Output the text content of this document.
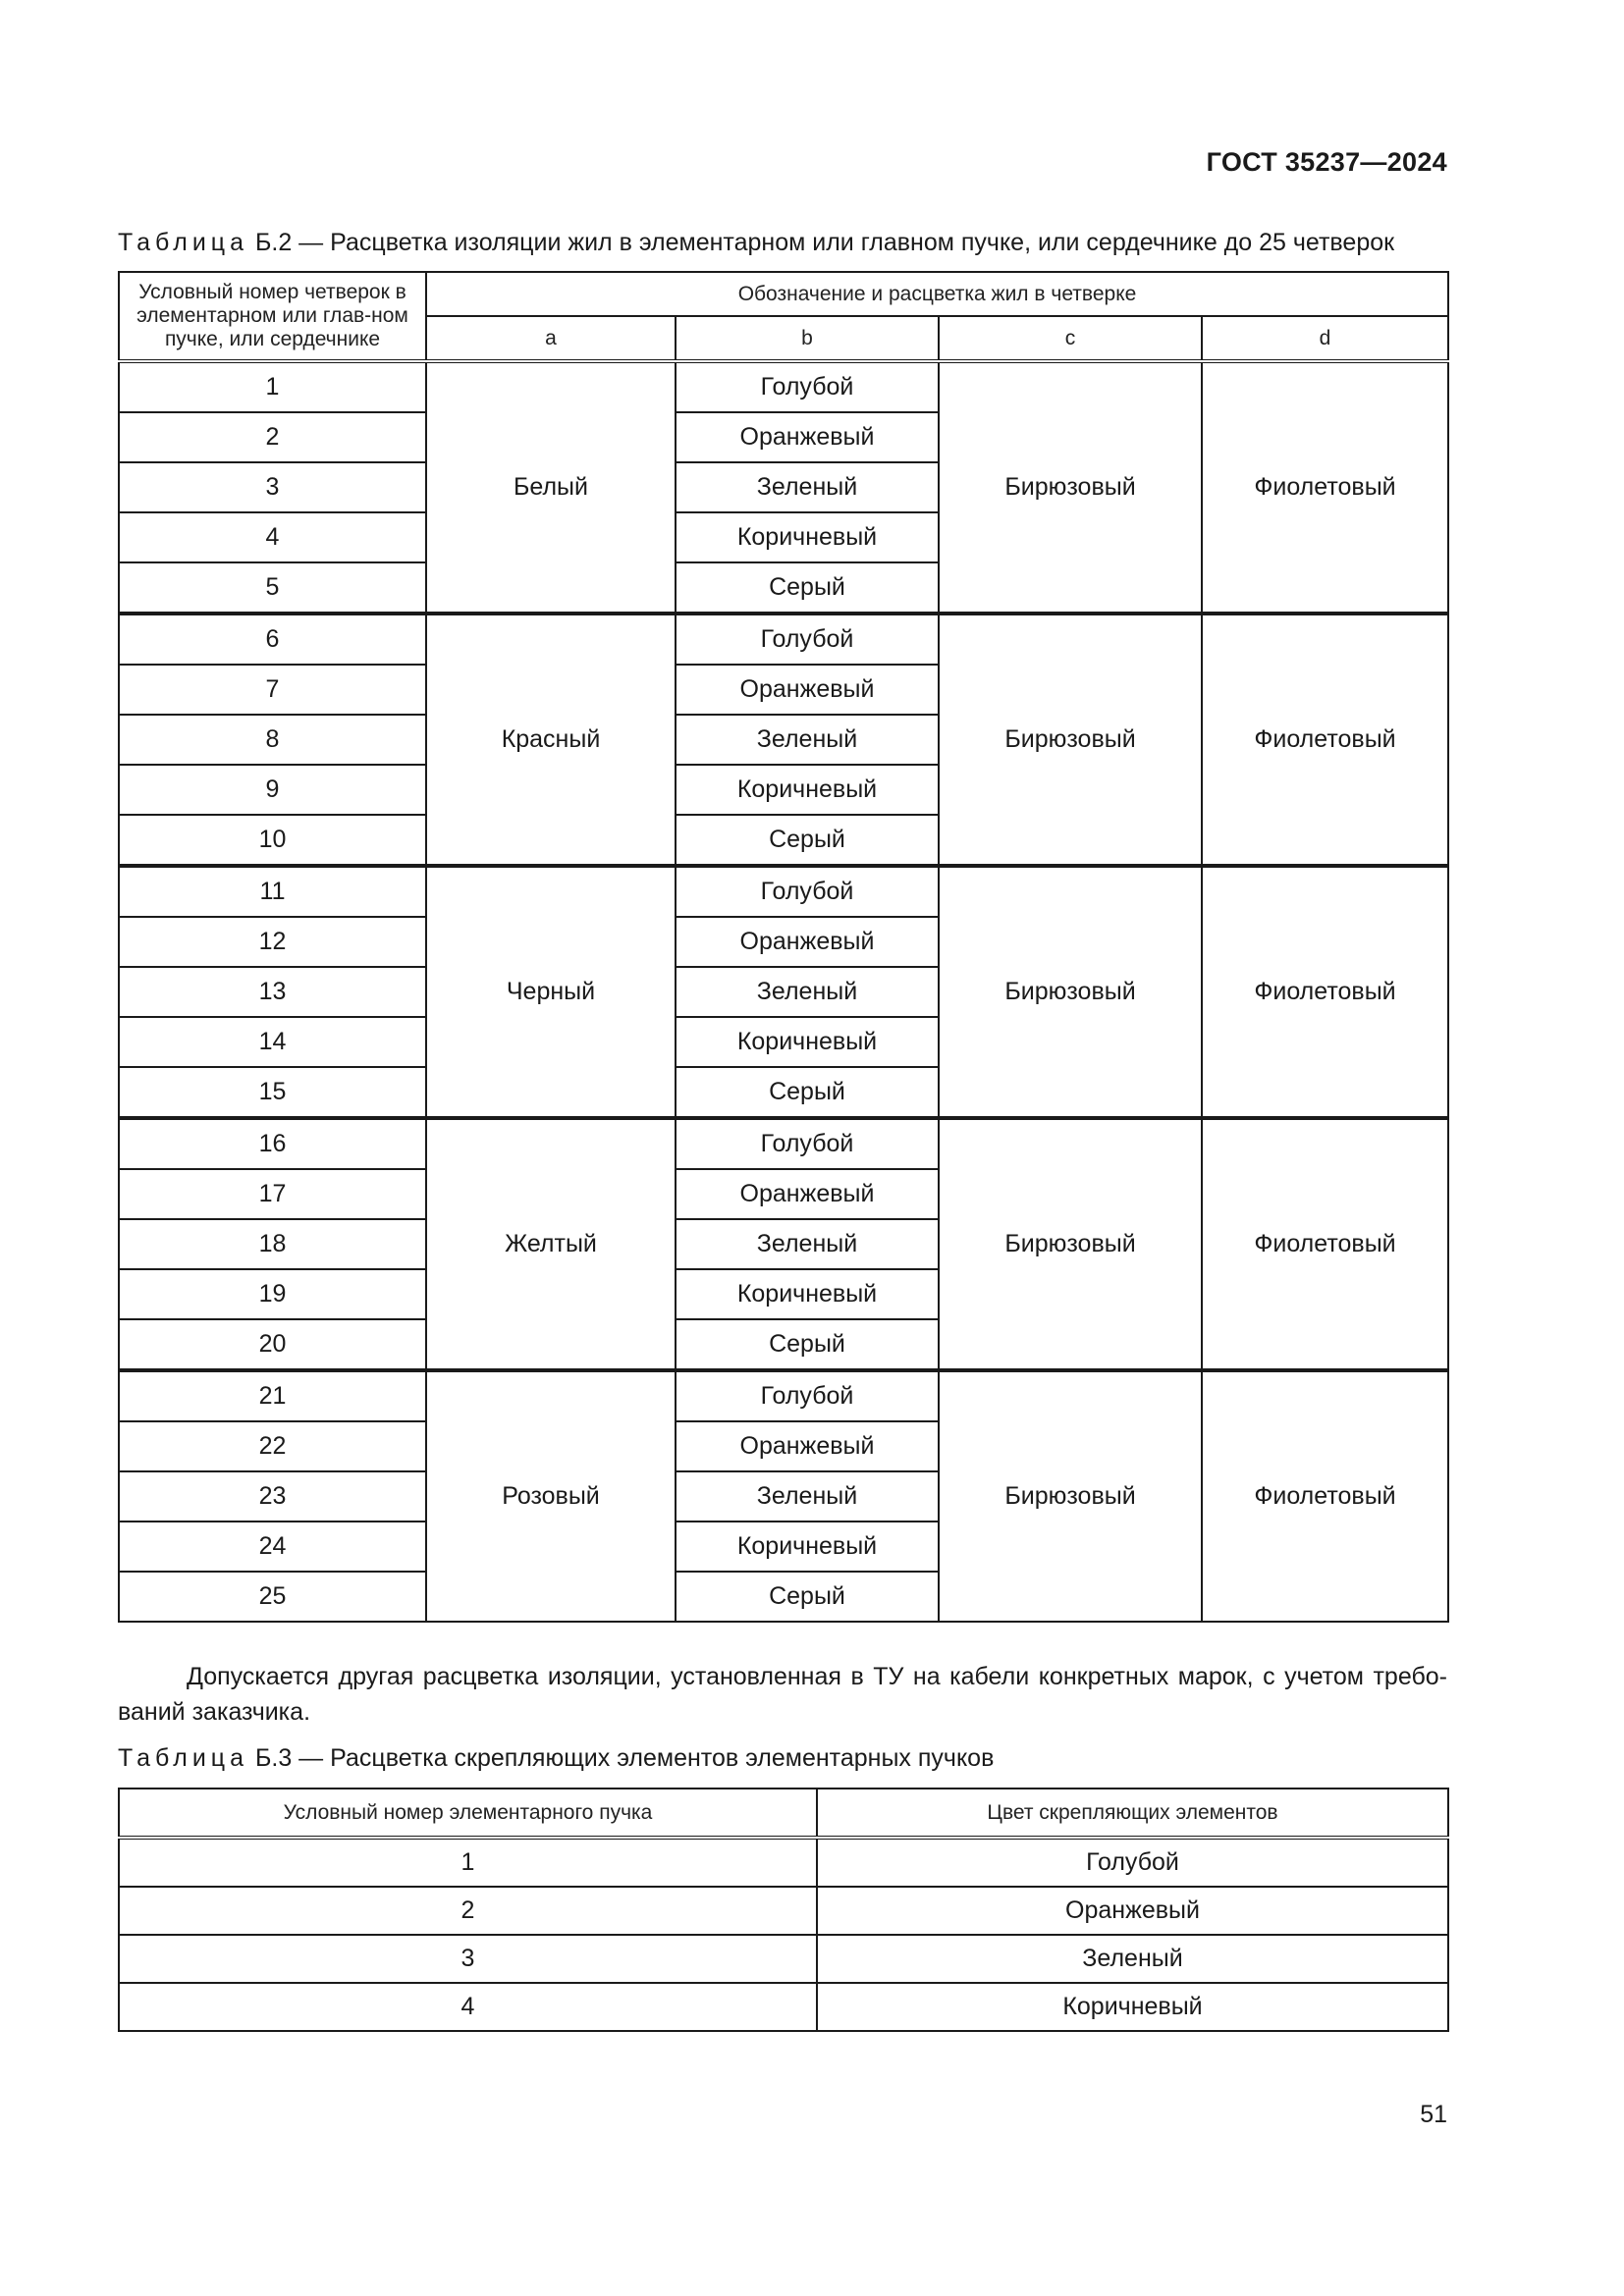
ГОСТ 35237—2024
Таблица Б.2 — Расцветка изоляции жил в элементарном или главном пучке, или сердечнике до 25 четверок
Условный номер четверок в элементарном или глав-ном пучке, или сердечнике	Обозначение и расцветка жил в четверке			
	a	b	c	d
1	Белый	Голубой	Бирюзовый	Фиолетовый
2		Оранжевый		
3		Зеленый		
4		Коричневый		
5		Серый		
6	Красный	Голубой	Бирюзовый	Фиолетовый
7		Оранжевый		
8		Зеленый		
9		Коричневый		
10		Серый		
11	Черный	Голубой	Бирюзовый	Фиолетовый
12		Оранжевый		
13		Зеленый		
14		Коричневый		
15		Серый		
16	Желтый	Голубой	Бирюзовый	Фиолетовый
17		Оранжевый		
18		Зеленый		
19		Коричневый		
20		Серый		
21	Розовый	Голубой	Бирюзовый	Фиолетовый
22		Оранжевый		
23		Зеленый		
24		Коричневый		
25		Серый		
Допускается другая расцветка изоляции, установленная в ТУ на кабели конкретных марок, с учетом требо-ваний заказчика.
Таблица Б.3 — Расцветка скрепляющих элементов элементарных пучков
Условный номер элементарного пучка	Цвет скрепляющих элементов
1	Голубой
2	Оранжевый
3	Зеленый
4	Коричневый
51
